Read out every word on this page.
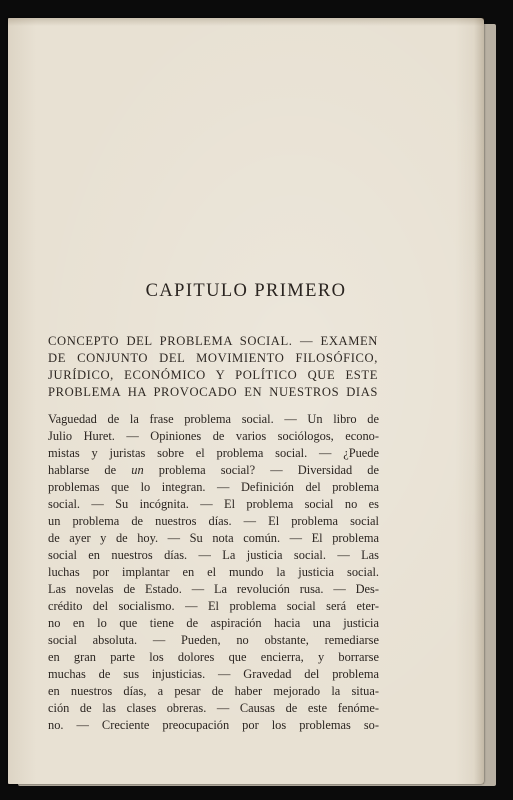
CAPITULO PRIMERO
CONCEPTO DEL PROBLEMA SOCIAL. — EXAMEN
DE CONJUNTO DEL MOVIMIENTO FILOSÓFICO,
JURÍDICO, ECONÓMICO Y POLÍTICO QUE ESTE
PROBLEMA HA PROVOCADO EN NUESTROS DIAS
Vaguedad de la frase problema social. — Un libro de
Julio Huret. — Opiniones de varios sociólogos, econo-
mistas y juristas sobre el problema social. — ¿Puede
hablarse de un problema social? — Diversidad de
problemas que lo integran. — Definición del problema
social. — Su incógnita. — El problema social no es
un problema de nuestros días. — El problema social
de ayer y de hoy. — Su nota común. — El problema
social en nuestros días. — La justicia social. — Las
luchas por implantar en el mundo la justicia social.
Las novelas de Estado. — La revolución rusa. — Des-
crédito del socialismo. — El problema social será eter-
no en lo que tiene de aspiración hacia una justicia
social absoluta. — Pueden, no obstante, remediarse
en gran parte los dolores que encierra, y borrarse
muchas de sus injusticias. — Gravedad del problema
en nuestros días, a pesar de haber mejorado la situa-
ción de las clases obreras. — Causas de este fenóme-
no. — Creciente preocupación por los problemas so-
